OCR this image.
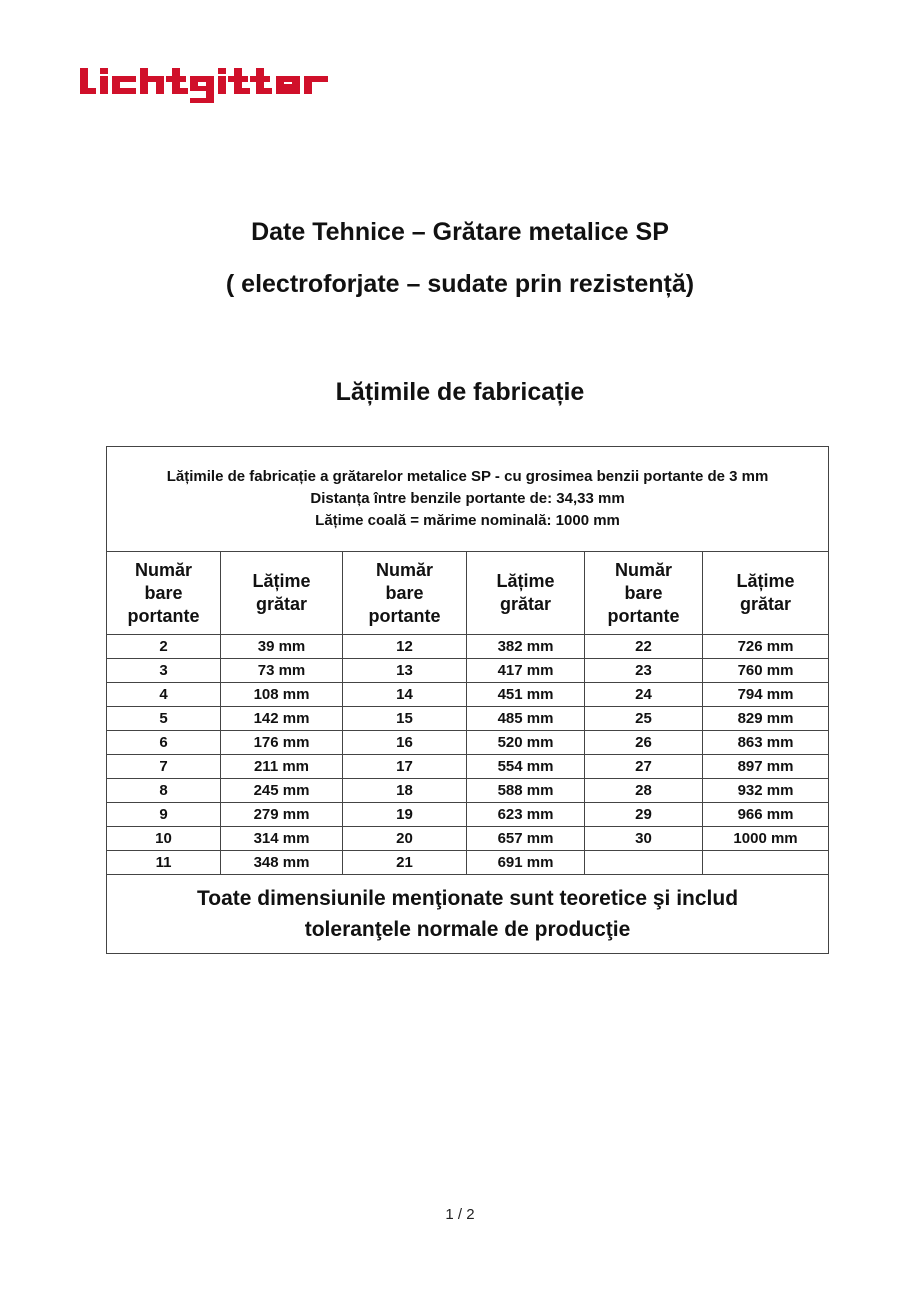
Date Tehnice – Grătare metalice SP
( electroforjate – sudate prin rezistență)
Lățimile de fabricație
Lățimile de fabricație a grătarelor metalice SP - cu grosimea benzii portante de 3 mm
Distanța între benzile portante de: 34,33 mm
Lățime coală = mărime nominală: 1000 mm					

Număr
bare
portante	Lățime
grătar	Număr
bare
portante	Lățime
grătar	Număr
bare
portante	Lățime
grătar

2	39 mm	12	382 mm	22	726 mm
3	73 mm	13	417 mm	23	760 mm
4	108 mm	14	451 mm	24	794 mm
5	142 mm	15	485 mm	25	829 mm
6	176 mm	16	520 mm	26	863 mm
7	211 mm	17	554 mm	27	897 mm
8	245 mm	18	588 mm	28	932 mm
9	279 mm	19	623 mm	29	966 mm
10	314 mm	20	657 mm	30	1000 mm
11	348 mm	21	691 mm		

Toate dimensiunile menţionate sunt teoretice şi includ
toleranţele normale de producţie					
1 / 2
